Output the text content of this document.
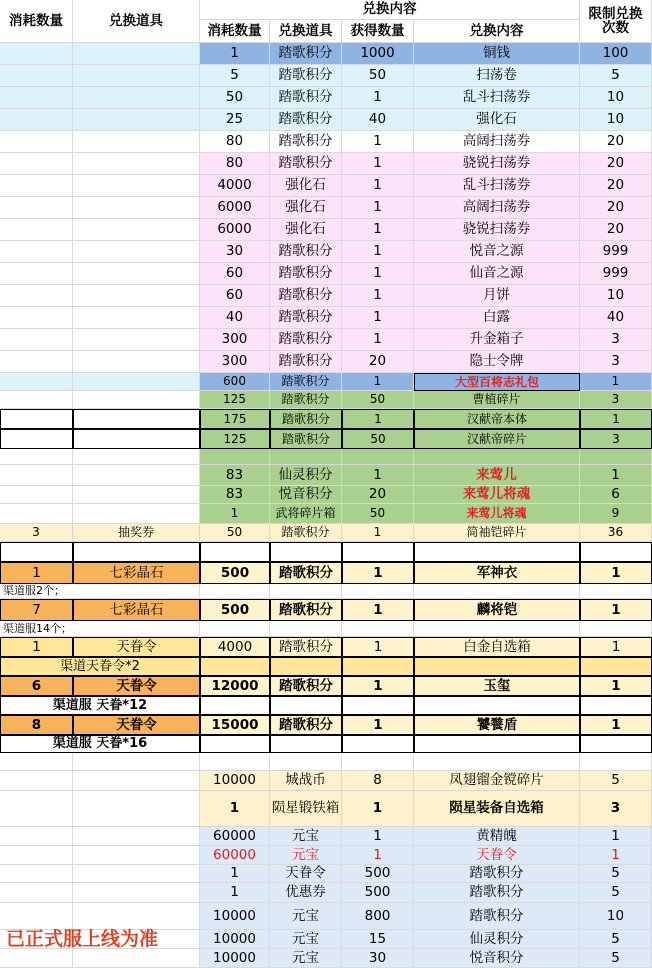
消耗数量	兑换道具
兑换内容
消耗数量	兑换道具	获得数量	兑换内容
限制兑换
次数
1	踏歌积分	1000	铜钱	100
5	踏歌积分	50	扫荡卷	5
50	踏歌积分	1	乱斗扫荡券	10
25	踏歌积分	40	强化石	10
80	踏歌积分	1	高阔扫荡券	20
80	踏歌积分	1	骁锐扫荡券	20
4000	强化石	1	乱斗扫荡券	20
6000	强化石	1	高阔扫荡券	20
6000	强化石	1	骁锐扫荡券	20
30	踏歌积分	1	悦音之源	999
60	踏歌积分	1	仙音之源	999
60	踏歌积分	1	月饼	10
40	踏歌积分	1	白露	40
300	踏歌积分	1	升金箱子	3
300	踏歌积分	20	隐士令牌	3
600	踏歌积分	1	大型百将志礼包	1
125	踏歌积分	50	曹植碎片	3
175	踏歌积分	1	汉献帝本体	1
125	踏歌积分	50	汉献帝碎片	3
83	仙灵积分	1	来莺儿	1
83	悦音积分	20	来莺儿将魂	6
1	武将碎片箱	50	来莺儿将魂	9
3	抽奖券	50	踏歌积分	1	简袖铠碎片	36
1	七彩晶石	500	踏歌积分	1	军神衣	1
渠道服2个；
7	七彩晶石	500	踏歌积分	1	麟将铠	1
渠道服14个；
1	天眷令	4000	踏歌积分	1	白金自选箱	1
渠道天眷令*2
6	天眷令	12000	踏歌积分	1	玉玺	1
渠道服 天眷*12
8	天眷令	15000	踏歌积分	1	饕餮盾	1
渠道服 天眷*16
10000	城战币	8	凤翅镏金镋碎片	5
1	陨星锻铁箱	1	陨星装备自选箱	3
60000	元宝	1	黄精魄	1
60000	元宝	1	天眷令	1
1	天眷令	500	踏歌积分	5
1	优惠券	500	踏歌积分	5
10000	元宝	800	踏歌积分	10
10000	元宝	15	仙灵积分	5
10000	元宝	30	悦音积分	5
已正式服上线为准
